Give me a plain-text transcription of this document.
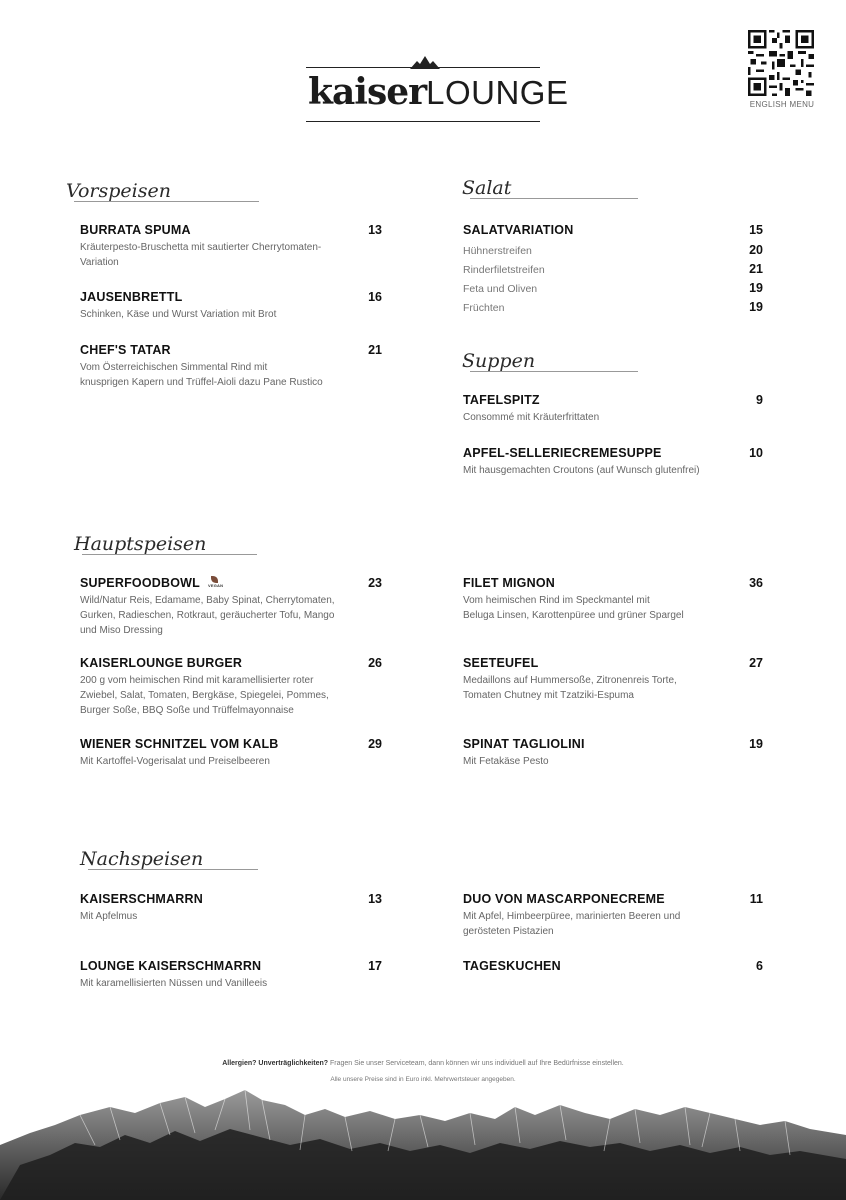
kaiserLOUNGE	ENGLISH MENU
Vorspeisen
BURRATA SPUMA	13
Kräuterpesto-Bruschetta mit sautierter Cherrytomaten-
Variation
JAUSENBRETTL	16
Schinken, Käse und Wurst Variation mit Brot
CHEF'S TATAR	21
Vom Österreichischen Simmental Rind mit
knusprigen Kapern und Trüffel-Aioli dazu Pane Rustico
Salat
SALATVARIATION	15
Hühnerstreifen	20
Rinderfiletstreifen	21
Feta und Oliven	19
Früchten	19
Suppen
TAFELSPITZ	9
Consommé mit Kräuterfrittaten
APFEL-SELLERIECREMESUPPE	10
Mit hausgemachten Croutons (auf Wunsch glutenfrei)
Hauptspeisen
SUPERFOODBOWL VEGAN	23
Wild/Natur Reis, Edamame, Baby Spinat, Cherrytomaten,
Gurken, Radieschen, Rotkraut, geräucherter Tofu, Mango
und Miso Dressing
KAISERLOUNGE BURGER	26
200 g vom heimischen Rind mit karamellisierter roter
Zwiebel, Salat, Tomaten, Bergkäse, Spiegelei, Pommes,
Burger Soße, BBQ Soße und Trüffelmayonnaise
WIENER SCHNITZEL VOM KALB	29
Mit Kartoffel-Vogerisalat und Preiselbeeren
FILET MIGNON	36
Vom heimischen Rind im Speckmantel mit
Beluga Linsen, Karottenpüree und grüner Spargel
SEETEUFEL	27
Medaillons auf Hummersoße, Zitronenreis Torte,
Tomaten Chutney mit Tzatziki-Espuma
SPINAT TAGLIOLINI	19
Mit Fetakäse Pesto
Nachspeisen
KAISERSCHMARRN	13
Mit Apfelmus
LOUNGE KAISERSCHMARRN	17
Mit karamellisierten Nüssen und Vanilleeis
DUO VON MASCARPONECREME	11
Mit Apfel, Himbeerpüree, marinierten Beeren und
gerösteten Pistazien
TAGESKUCHEN	6
Allergien? Unverträglichkeiten? Fragen Sie unser Serviceteam, dann können wir uns individuell auf Ihre Bedürfnisse einstellen.
Alle unsere Preise sind in Euro inkl. Mehrwertsteuer angegeben.
